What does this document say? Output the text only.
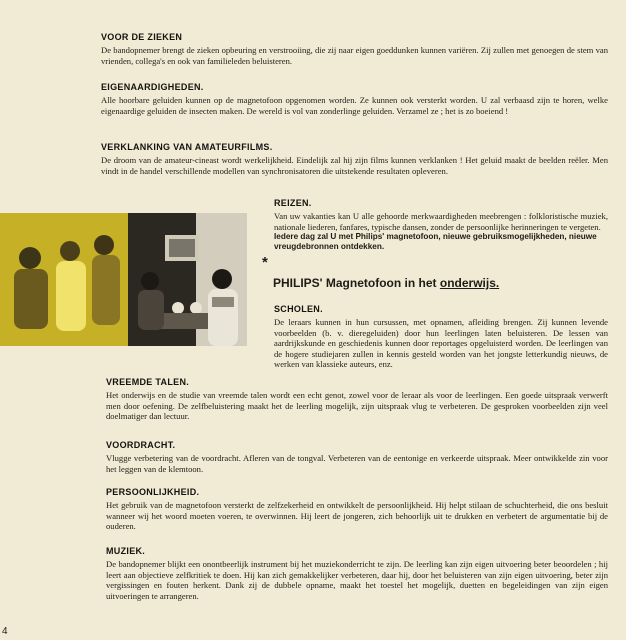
VOOR DE ZIEKEN

De bandopnemer brengt de zieken opbeuring en verstrooiing, die zij naar eigen goeddunken kunnen variëren. Zij zullen met genoegen de stem van vrienden, collega's en ook van familieleden beluisteren.

EIGENAARDIGHEDEN.

Alle hoorbare geluiden kunnen op de magnetofoon opgenomen worden. Ze kunnen ook versterkt worden. U zal verbaasd zijn te horen, welke eigenaardige geluiden de insecten maken. De wereld is vol van zonderlinge geluiden. Verzamel ze ; het is zo boeiend !

VERKLANKING VAN AMATEURFILMS.

De droom van de amateur-cineast wordt werkelijkheid. Eindelijk zal hij zijn films kunnen verklanken ! Het geluid maakt de beelden reëler. Men vindt in de handel verschillende modellen van synchronisatoren die uitstekende resultaten opleveren.

REIZEN.

Van uw vakanties kan U alle gehoorde merkwaardigheden meebrengen : folkloristische muziek, nationale liederen, fanfares, typische dansen, zonder de persoonlijke herinneringen te vergeten.

Iedere dag zal U met Philips' magnetofoon, nieuwe gebruiksmogelijkheden, nieuwe vreugdebronnen ontdekken.

*

PHILIPS' Magnetofoon in het onderwijs.

SCHOLEN.

De leraars kunnen in hun cursussen, met opnamen, afleiding brengen. Zij kunnen levende voorbeelden (b. v. dieregeluiden) door hun leerlingen laten beluisteren. De lessen van aardrijkskunde en geschiedenis kunnen door reportages opgeluisterd worden. De leerlingen van de hogere studiejaren zullen in kennis gesteld worden van het jongste letterkundig nieuws, de werken van klassieke auteurs, enz.

VREEMDE TALEN.

Het onderwijs en de studie van vreemde talen wordt een echt genot, zowel voor de leraar als voor de leerlingen. Een goede uitspraak verwerft men door oefening. De zelfbeluistering maakt het de leerling mogelijk, zijn uitspraak vlug te verbeteren. De gesproken voorbeelden zijn veel doelmatiger dan lectuur.

VOORDRACHT.

Vlugge verbetering van de voordracht. Afleren van de tongval. Verbeteren van de eentonige en verkeerde uitspraak. Meer ontwikkelde zin voor het leggen van de klemtoon.

PERSOONLIJKHEID.

Het gebruik van de magnetofoon versterkt de zelfzekerheid en ontwikkelt de persoonlijkheid. Hij helpt stilaan de schuchterheid, die ons besluit wanneer wij het woord moeten voeren, te overwinnen. Hij leert de jongeren, zich behoorlijk uit te drukken en verbetert de argumentatie bij de ouderen.

MUZIEK.

De bandopnemer blijkt een onontbeerlijk instrument bij het muziekonderricht te zijn. De leerling kan zijn eigen uitvoering beter beoordelen ; hij leert aan objectieve zelfkritiek te doen. Hij kan zich gemakkelijker verbeteren, daar hij, door het beluisteren van zijn eigen uitvoering, beter zijn vergissingen en fouten herkent. Dank zij de dubbele opname, maakt het toestel het mogelijk, duetten en begeleidingen van zijn eigen uitvoeringen te arrangeren.

4
